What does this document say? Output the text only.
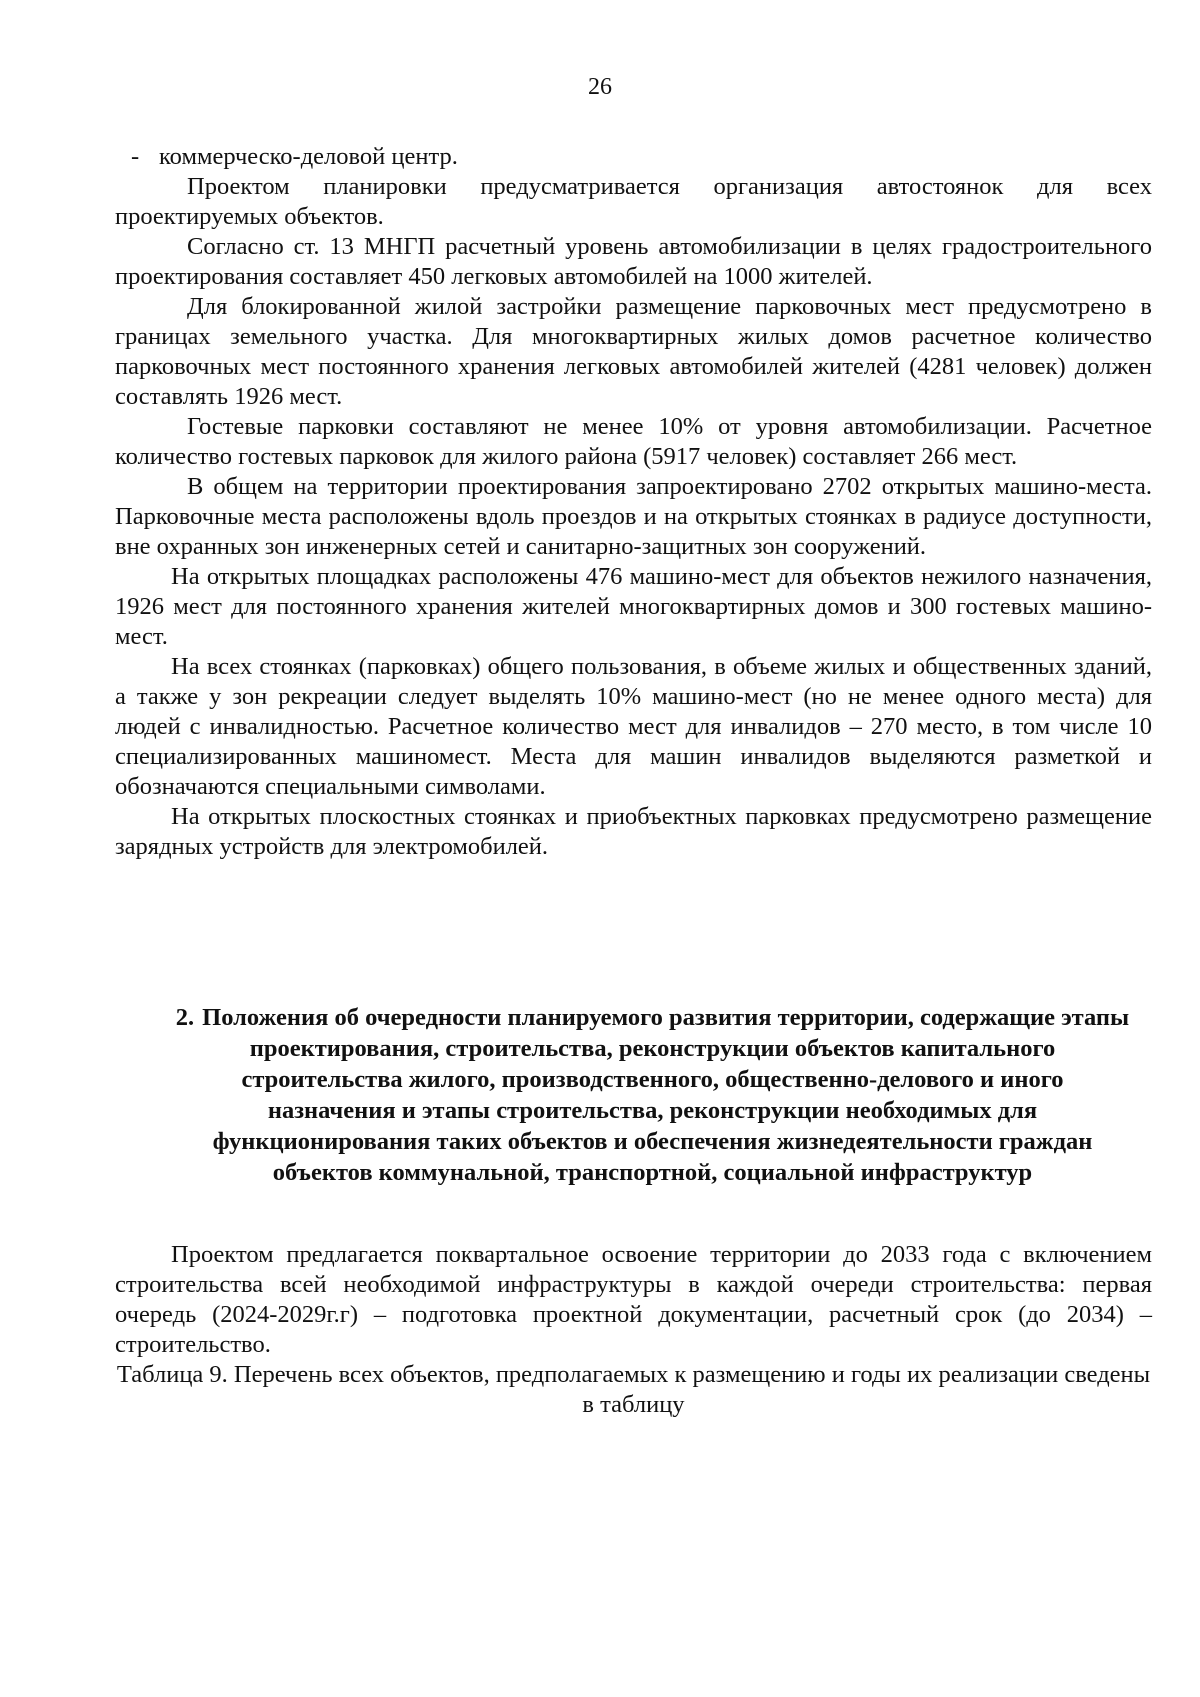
26

- коммерческо-деловой центр.

Проектом планировки предусматривается организация автостоянок для всех проектируемых объектов.

Согласно ст. 13 МНГП расчетный уровень автомобилизации в целях градостроительного проектирования составляет 450 легковых автомобилей на 1000 жителей.

Для блокированной жилой застройки размещение парковочных мест предусмотрено в границах земельного участка. Для многоквартирных жилых домов расчетное количество парковочных мест постоянного хранения легковых автомобилей жителей (4281 человек) должен составлять 1926 мест.

Гостевые парковки составляют не менее 10% от уровня автомобилизации. Расчетное количество гостевых парковок для жилого района (5917 человек) составляет 266 мест.

В общем на территории проектирования запроектировано 2702 открытых машино-места. Парковочные места расположены вдоль проездов и на открытых стоянках в радиусе доступности, вне охранных зон инженерных сетей и санитарно-защитных зон сооружений.

На открытых площадках расположены 476 машино-мест для объектов нежилого назначения, 1926 мест для постоянного хранения жителей многоквартирных домов и 300 гостевых машино-мест.

На всех стоянках (парковках) общего пользования, в объеме жилых и общественных зданий, а также у зон рекреации следует выделять 10% машино-мест (но не менее одного места) для людей с инвалидностью. Расчетное количество мест для инвалидов – 270 место, в том числе 10 специализированных машиномест. Места для машин инвалидов выделяются разметкой и обозначаются специальными символами.

На открытых плоскостных стоянках и приобъектных парковках предусмотрено размещение зарядных устройств для электромобилей.

2. Положения об очередности планируемого развития территории, содержащие этапы проектирования, строительства, реконструкции объектов капитального строительства жилого, производственного, общественно-делового и иного назначения и этапы строительства, реконструкции необходимых для функционирования таких объектов и обеспечения жизнедеятельности граждан объектов коммунальной, транспортной, социальной инфраструктур

Проектом предлагается поквартальное освоение территории до 2033 года с включением строительства всей необходимой инфраструктуры в каждой очереди строительства: первая очередь (2024-2029г.г) – подготовка проектной документации, расчетный срок (до 2034) – строительство.

Таблица 9. Перечень всех объектов, предполагаемых к размещению и годы их реализации сведены в таблицу
